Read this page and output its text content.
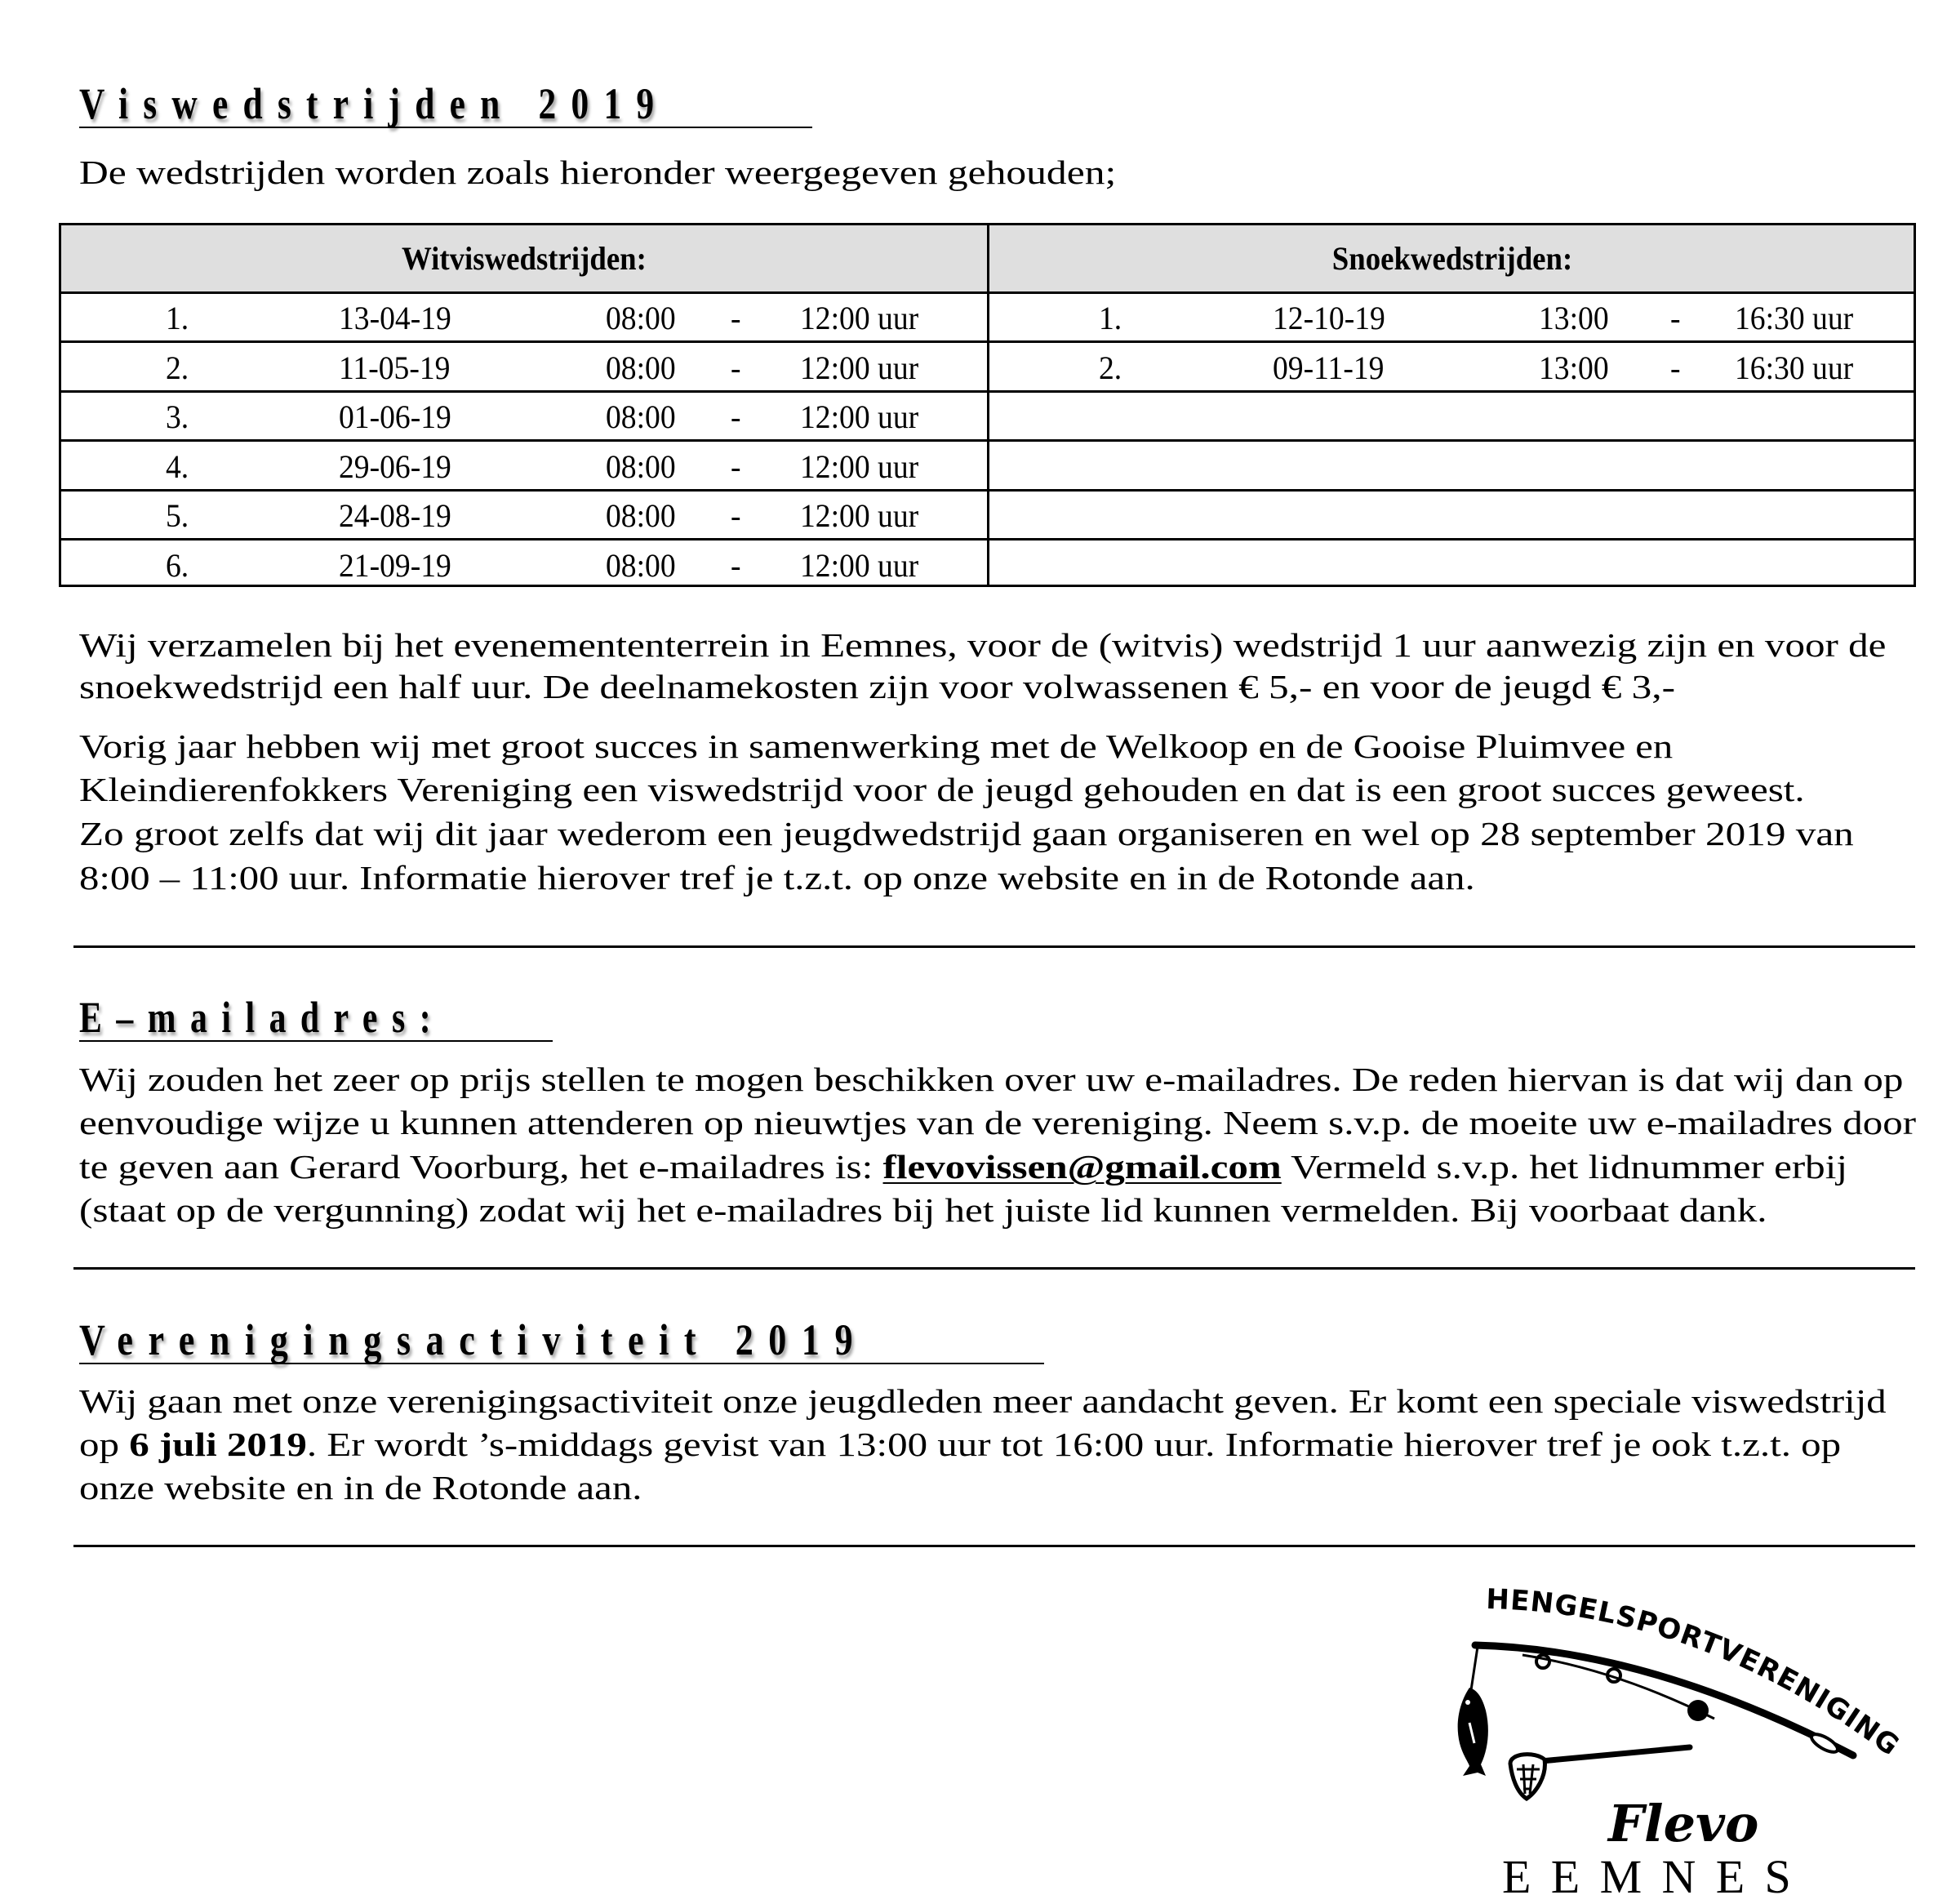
Viswedstrijden 2019
De wedstrijden worden zoals hieronder weergegeven gehouden;
Witviswedstrijden:	Snoekwedstrijden:
1.	13-04-19	08:00 - 12:00 uur	1.	12-10-19	13:00 - 16:30 uur
2.	11-05-19	08:00 - 12:00 uur	2.	09-11-19	13:00 - 16:30 uur
3.	01-06-19	08:00 - 12:00 uur
4.	29-06-19	08:00 - 12:00 uur
5.	24-08-19	08:00 - 12:00 uur
6.	21-09-19	08:00 - 12:00 uur
Wij verzamelen bij het evenemententerrein in Eemnes, voor de (witvis) wedstrijd 1 uur aanwezig zijn en voor de
snoekwedstrijd een half uur. De deelnamekosten zijn voor volwassenen € 5,- en voor de jeugd € 3,-
Vorig jaar hebben wij met groot succes in samenwerking met de Welkoop en de Gooise Pluimvee en
Kleindierenfokkers Vereniging een viswedstrijd voor de jeugd gehouden en dat is een groot succes geweest.
Zo groot zelfs dat wij dit jaar wederom een jeugdwedstrijd gaan organiseren en wel op 28 september 2019 van
8:00 – 11:00 uur. Informatie hierover tref je t.z.t. op onze website en in de Rotonde aan.
E–mailadres:
Wij zouden het zeer op prijs stellen te mogen beschikken over uw e-mailadres. De reden hiervan is dat wij dan op
eenvoudige wijze u kunnen attenderen op nieuwtjes van de vereniging. Neem s.v.p. de moeite uw e-mailadres door
te geven aan Gerard Voorburg, het e-mailadres is: flevovissen@gmail.com Vermeld s.v.p. het lidnummer erbij
(staat op de vergunning) zodat wij het e-mailadres bij het juiste lid kunnen vermelden. Bij voorbaat dank.
Verenigingsactiviteit 2019
Wij gaan met onze verenigingsactiviteit onze jeugdleden meer aandacht geven. Er komt een speciale viswedstrijd
op 6 juli 2019. Er wordt ’s-middags gevist van 13:00 uur tot 16:00 uur. Informatie hierover tref je ook t.z.t. op
onze website en in de Rotonde aan.
HENGELSPORTVERENIGING
Flevo
EEMNES
